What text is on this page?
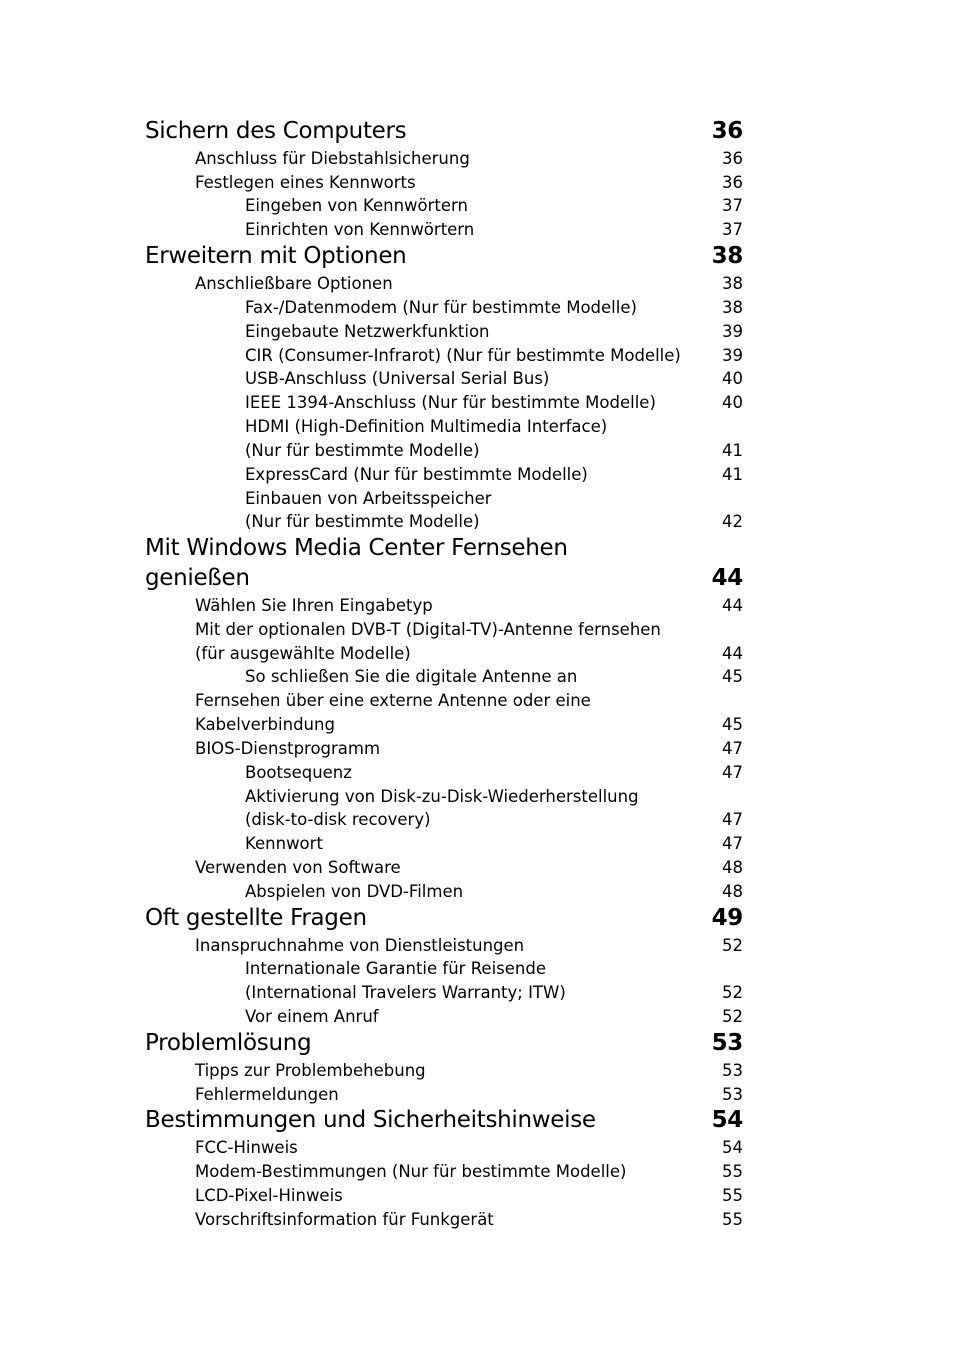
Sichern des Computers	36
Anschluss für Diebstahlsicherung	36
Festlegen eines Kennworts	36
Eingeben von Kennwörtern	37
Einrichten von Kennwörtern	37
Erweitern mit Optionen	38
Anschließbare Optionen	38
Fax-/Datenmodem (Nur für bestimmte Modelle)	38
Eingebaute Netzwerkfunktion	39
CIR (Consumer-Infrarot) (Nur für bestimmte Modelle)	39
USB-Anschluss (Universal Serial Bus)	40
IEEE 1394-Anschluss (Nur für bestimmte Modelle)	40
HDMI (High-Definition Multimedia Interface)
(Nur für bestimmte Modelle)	41
ExpressCard (Nur für bestimmte Modelle)	41
Einbauen von Arbeitsspeicher
(Nur für bestimmte Modelle)	42
Mit Windows Media Center Fernsehen
genießen	44
Wählen Sie Ihren Eingabetyp	44
Mit der optionalen DVB-T (Digital-TV)-Antenne fernsehen
(für ausgewählte Modelle)	44
So schließen Sie die digitale Antenne an	45
Fernsehen über eine externe Antenne oder eine
Kabelverbindung	45
BIOS-Dienstprogramm	47
Bootsequenz	47
Aktivierung von Disk-zu-Disk-Wiederherstellung
(disk-to-disk recovery)	47
Kennwort	47
Verwenden von Software	48
Abspielen von DVD-Filmen	48
Oft gestellte Fragen	49
Inanspruchnahme von Dienstleistungen	52
Internationale Garantie für Reisende
(International Travelers Warranty; ITW)	52
Vor einem Anruf	52
Problemlösung	53
Tipps zur Problembehebung	53
Fehlermeldungen	53
Bestimmungen und Sicherheitshinweise	54
FCC-Hinweis	54
Modem-Bestimmungen (Nur für bestimmte Modelle)	55
LCD-Pixel-Hinweis	55
Vorschriftsinformation für Funkgerät	55
